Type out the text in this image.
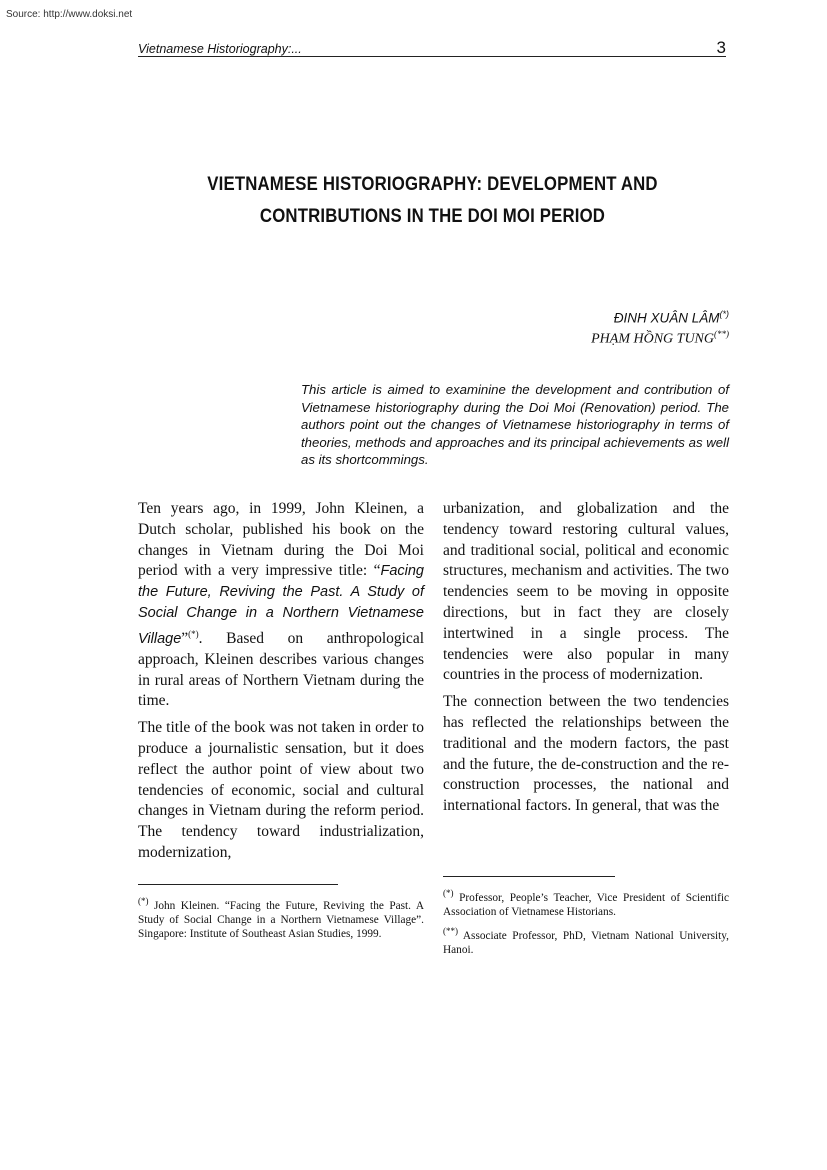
Source: http://www.doksi.net
Vietnamese Historiography:...	3
VIETNAMESE HISTORIOGRAPHY: DEVELOPMENT AND
CONTRIBUTIONS IN THE DOI MOI PERIOD
ĐINH XUÂN LÂM(*)
PHẠM HỒNG TUNG(**)
This article is aimed to examinine the development and contribution of Vietnamese historiography during the Doi Moi (Renovation) period. The authors point out the changes of Vietnamese historiography in terms of theories, methods and approaches and its principal achievements as well as its shortcommings.

Ten years ago, in 1999, John Kleinen, a Dutch scholar, published his book on the changes in Vietnam during the Doi Moi period with a very impressive title: “Facing the Future, Reviving the Past. A Study of Social Change in a Northern Vietnamese Village”(*). Based on anthropological approach, Kleinen describes various changes in rural areas of Northern Vietnam during the time.

The title of the book was not taken in order to produce a journalistic sensation, but it does reflect the author point of view about two tendencies of economic, social and cultural changes in Vietnam during the reform period. The tendency toward industrialization, modernization,

urbanization, and globalization and the tendency toward restoring cultural values, and traditional social, political and economic structures, mechanism and activities. The two tendencies seem to be moving in opposite directions, but in fact they are closely intertwined in a single process. The tendencies were also popular in many countries in the process of modernization.

The connection between the two tendencies has reflected the relationships between the traditional and the modern factors, the past and the future, the de-construction and the re-construction processes, the national and international factors. In general, that was the

(*) John Kleinen. “Facing the Future, Reviving the Past. A Study of Social Change in a Northern Vietnamese Village”. Singapore: Institute of Southeast Asian Studies, 1999.
(*) Professor, People’s Teacher, Vice President of Scientific Association of Vietnamese Historians.
(**) Associate Professor, PhD, Vietnam National University, Hanoi.
